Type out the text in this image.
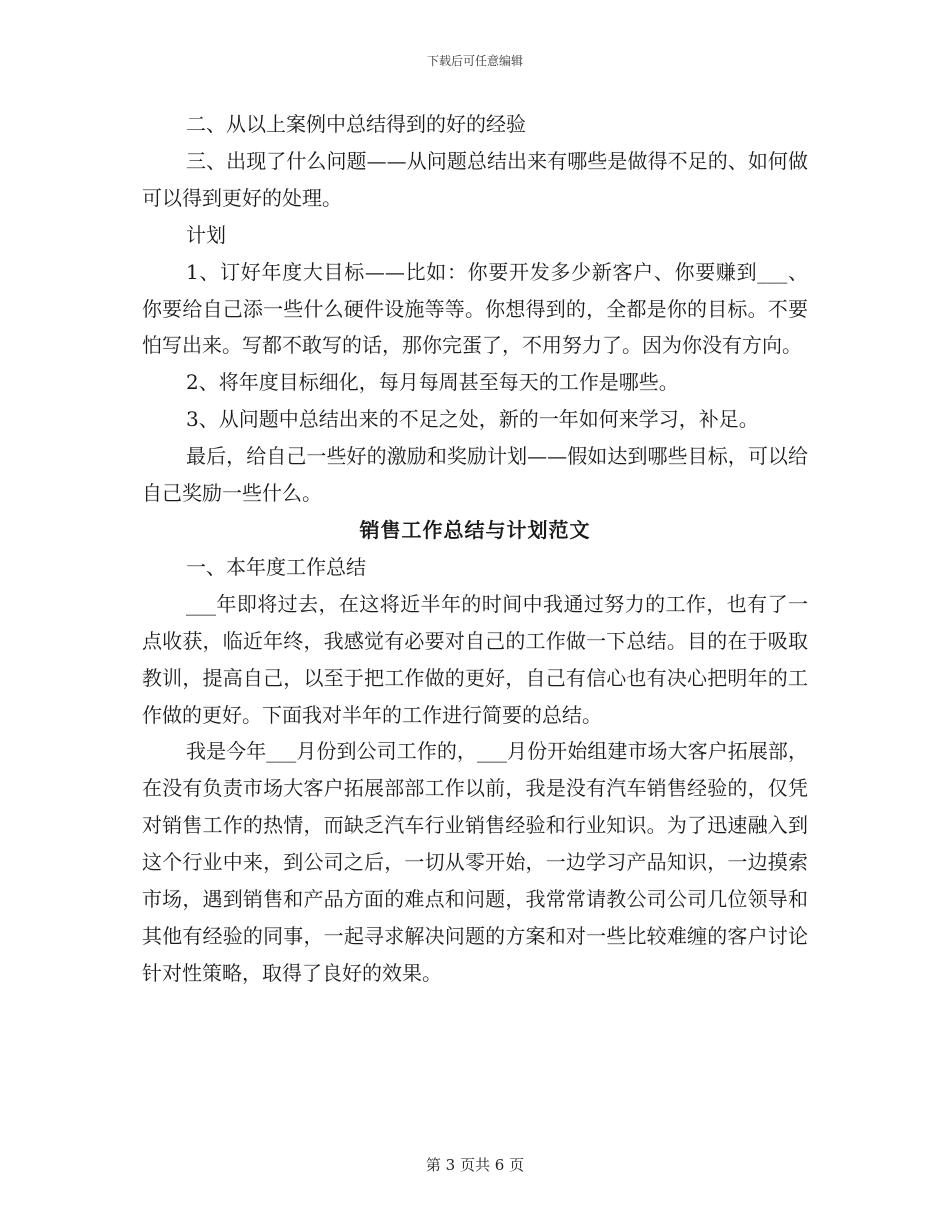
下载后可任意编辑

二、从以上案例中总结得到的好的经验

三、出现了什么问题——从问题总结出来有哪些是做得不足的、如何做可以得到更好的处理。

计划

1、订好年度大目标——比如：你要开发多少新客户、你要赚到___、你要给自己添一些什么硬件设施等等。你想得到的，全都是你的目标。不要怕写出来。写都不敢写的话，那你完蛋了，不用努力了。因为你没有方向。

2、将年度目标细化，每月每周甚至每天的工作是哪些。

3、从问题中总结出来的不足之处，新的一年如何来学习，补足。

最后，给自己一些好的激励和奖励计划——假如达到哪些目标，可以给自己奖励一些什么。

销售工作总结与计划范文

一、本年度工作总结

___年即将过去，在这将近半年的时间中我通过努力的工作，也有了一点收获，临近年终，我感觉有必要对自己的工作做一下总结。目的在于吸取教训，提高自己，以至于把工作做的更好，自己有信心也有决心把明年的工作做的更好。下面我对半年的工作进行简要的总结。

我是今年___月份到公司工作的，___月份开始组建市场大客户拓展部，在没有负责市场大客户拓展部部工作以前，我是没有汽车销售经验的，仅凭对销售工作的热情，而缺乏汽车行业销售经验和行业知识。为了迅速融入到这个行业中来，到公司之后，一切从零开始，一边学习产品知识，一边摸索市场，遇到销售和产品方面的难点和问题，我常常请教公司公司几位领导和其他有经验的同事，一起寻求解决问题的方案和对一些比较难缠的客户讨论针对性策略，取得了良好的效果。

第 3 页共 6 页
